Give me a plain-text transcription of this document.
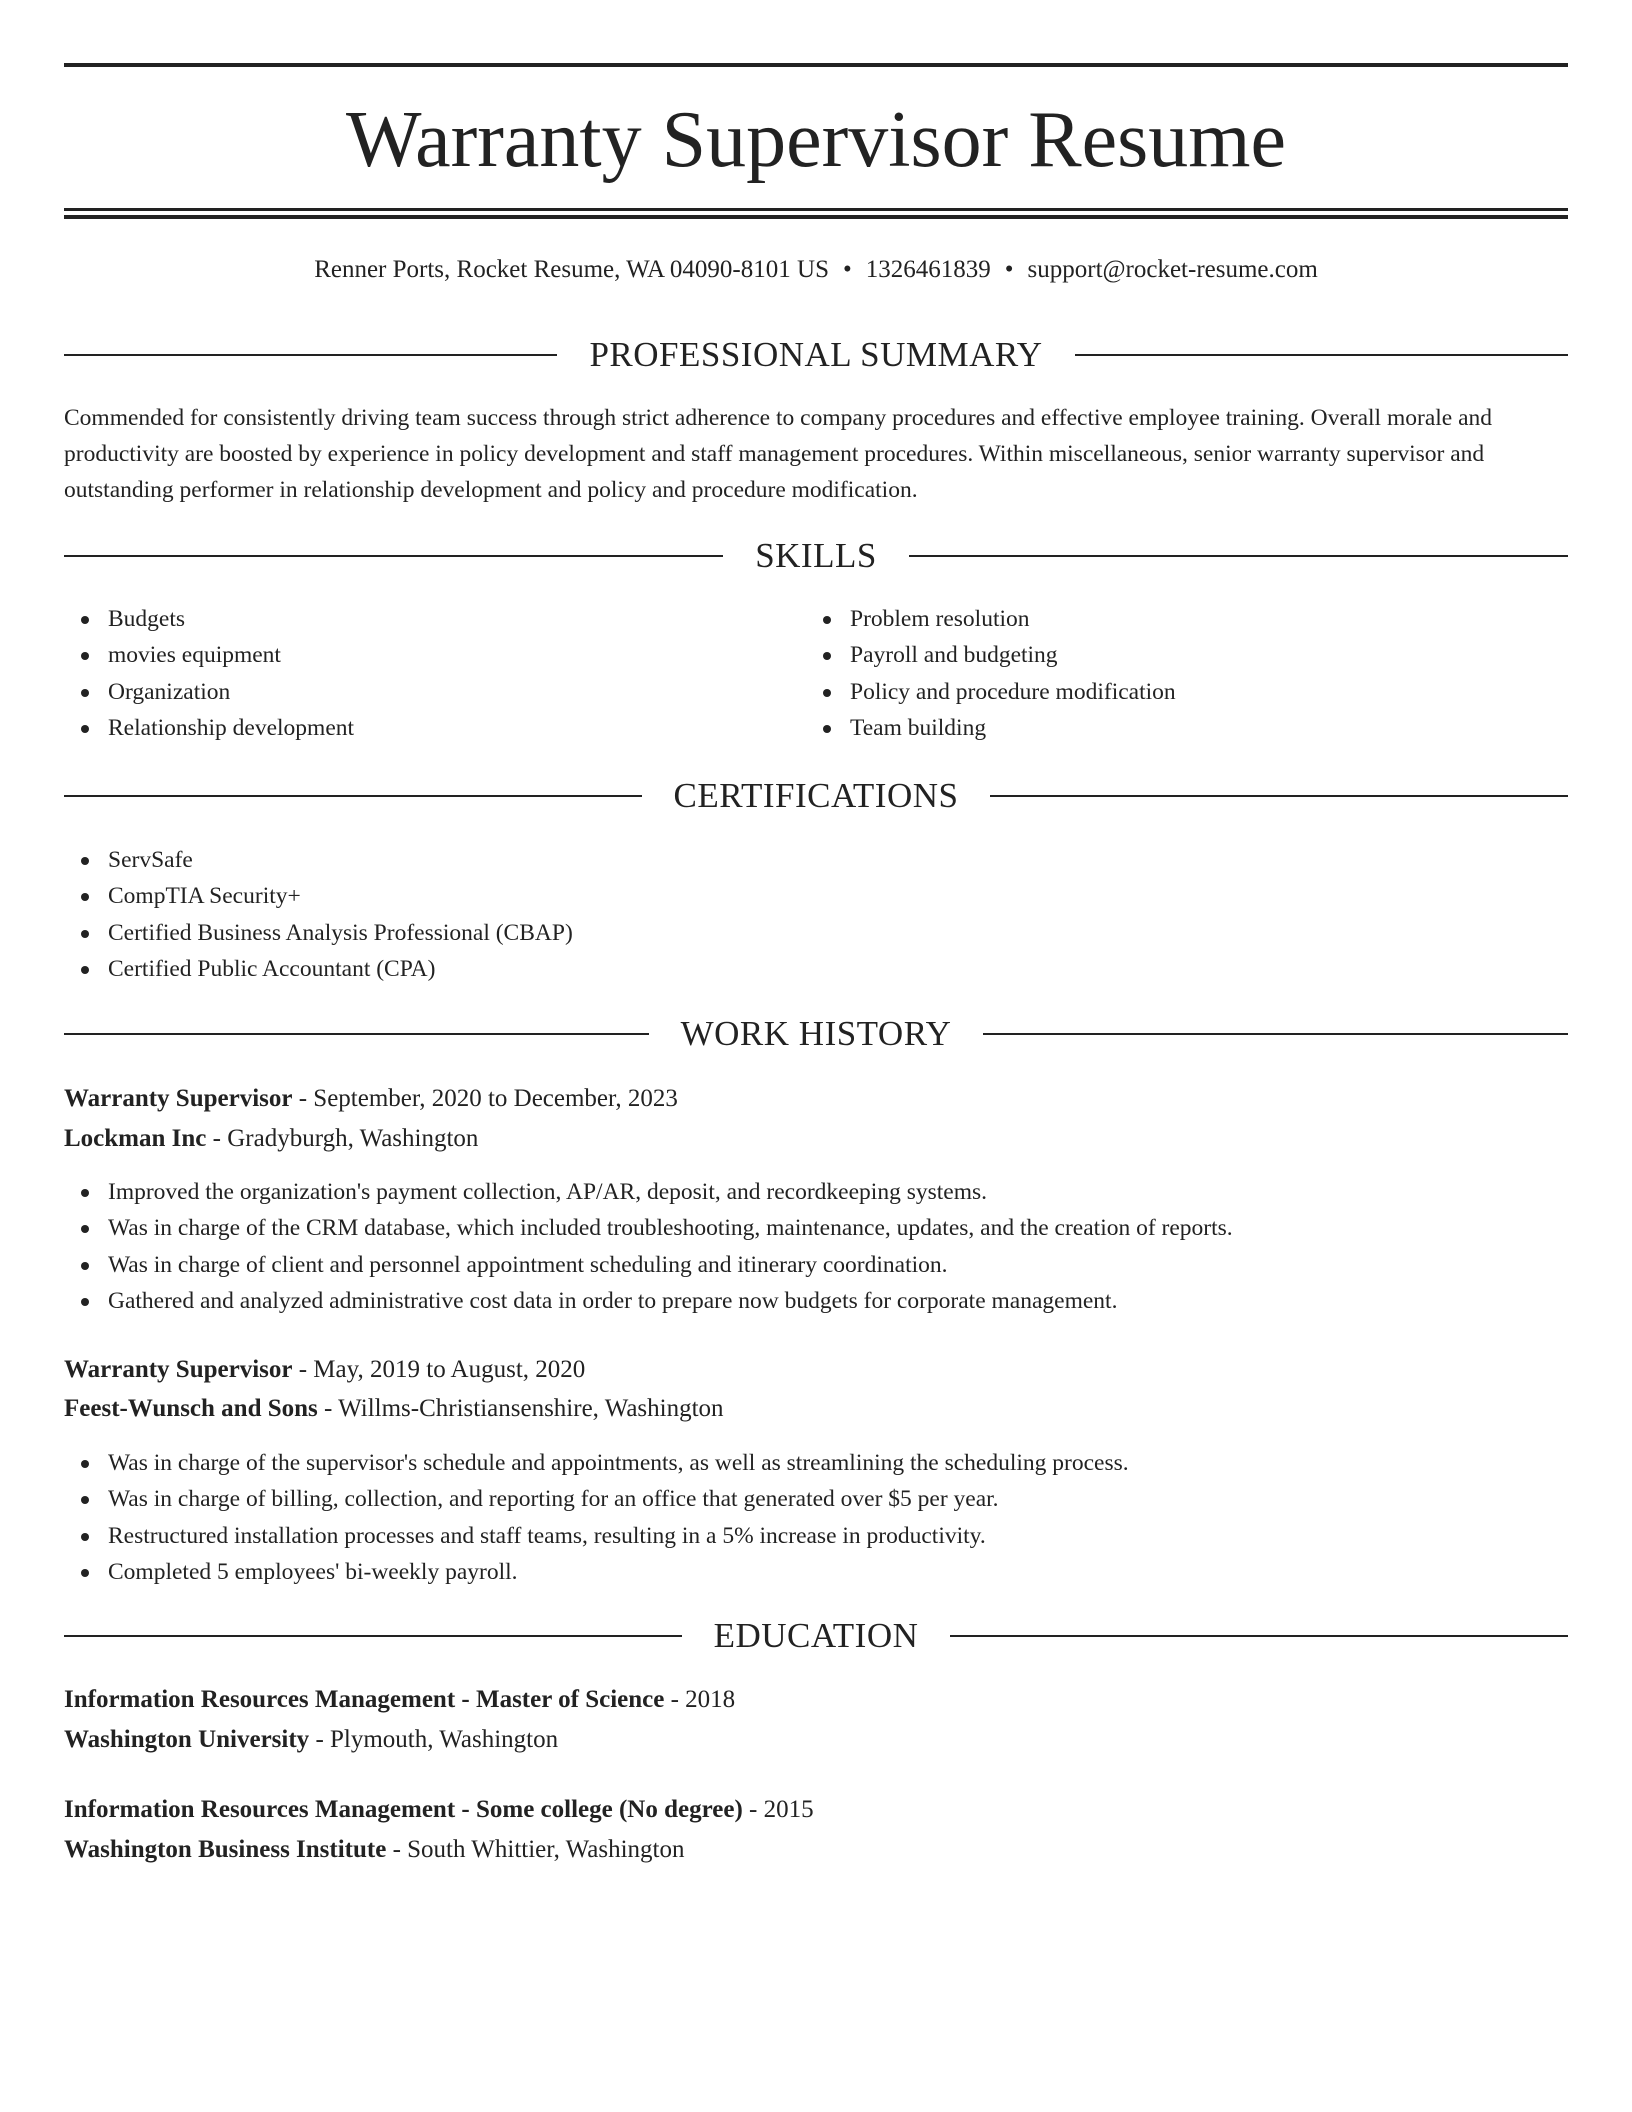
Warranty Supervisor Resume
Renner Ports, Rocket Resume, WA 04090-8101 US • 1326461839 • support@rocket-resume.com
PROFESSIONAL SUMMARY

Commended for consistently driving team success through strict adherence to company procedures and effective employee training. Overall morale and productivity are boosted by experience in policy development and staff management procedures. Within miscellaneous, senior warranty supervisor and outstanding performer in relationship development and policy and procedure modification.

SKILLS
Budgets
movies equipment
Organization
Relationship development
Problem resolution
Payroll and budgeting
Policy and procedure modification
Team building
CERTIFICATIONS
ServSafe
CompTIA Security+
Certified Business Analysis Professional (CBAP)
Certified Public Accountant (CPA)
WORK HISTORY
Warranty Supervisor - September, 2020 to December, 2023
Lockman Inc - Gradyburgh, Washington
Improved the organization's payment collection, AP/AR, deposit, and recordkeeping systems.
Was in charge of the CRM database, which included troubleshooting, maintenance, updates, and the creation of reports.
Was in charge of client and personnel appointment scheduling and itinerary coordination.
Gathered and analyzed administrative cost data in order to prepare now budgets for corporate management.
Warranty Supervisor - May, 2019 to August, 2020
Feest-Wunsch and Sons - Willms-Christiansenshire, Washington
Was in charge of the supervisor's schedule and appointments, as well as streamlining the scheduling process.
Was in charge of billing, collection, and reporting for an office that generated over $5 per year.
Restructured installation processes and staff teams, resulting in a 5% increase in productivity.
Completed 5 employees' bi-weekly payroll.
EDUCATION
Information Resources Management - Master of Science - 2018
Washington University - Plymouth, Washington
Information Resources Management - Some college (No degree) - 2015
Washington Business Institute - South Whittier, Washington
